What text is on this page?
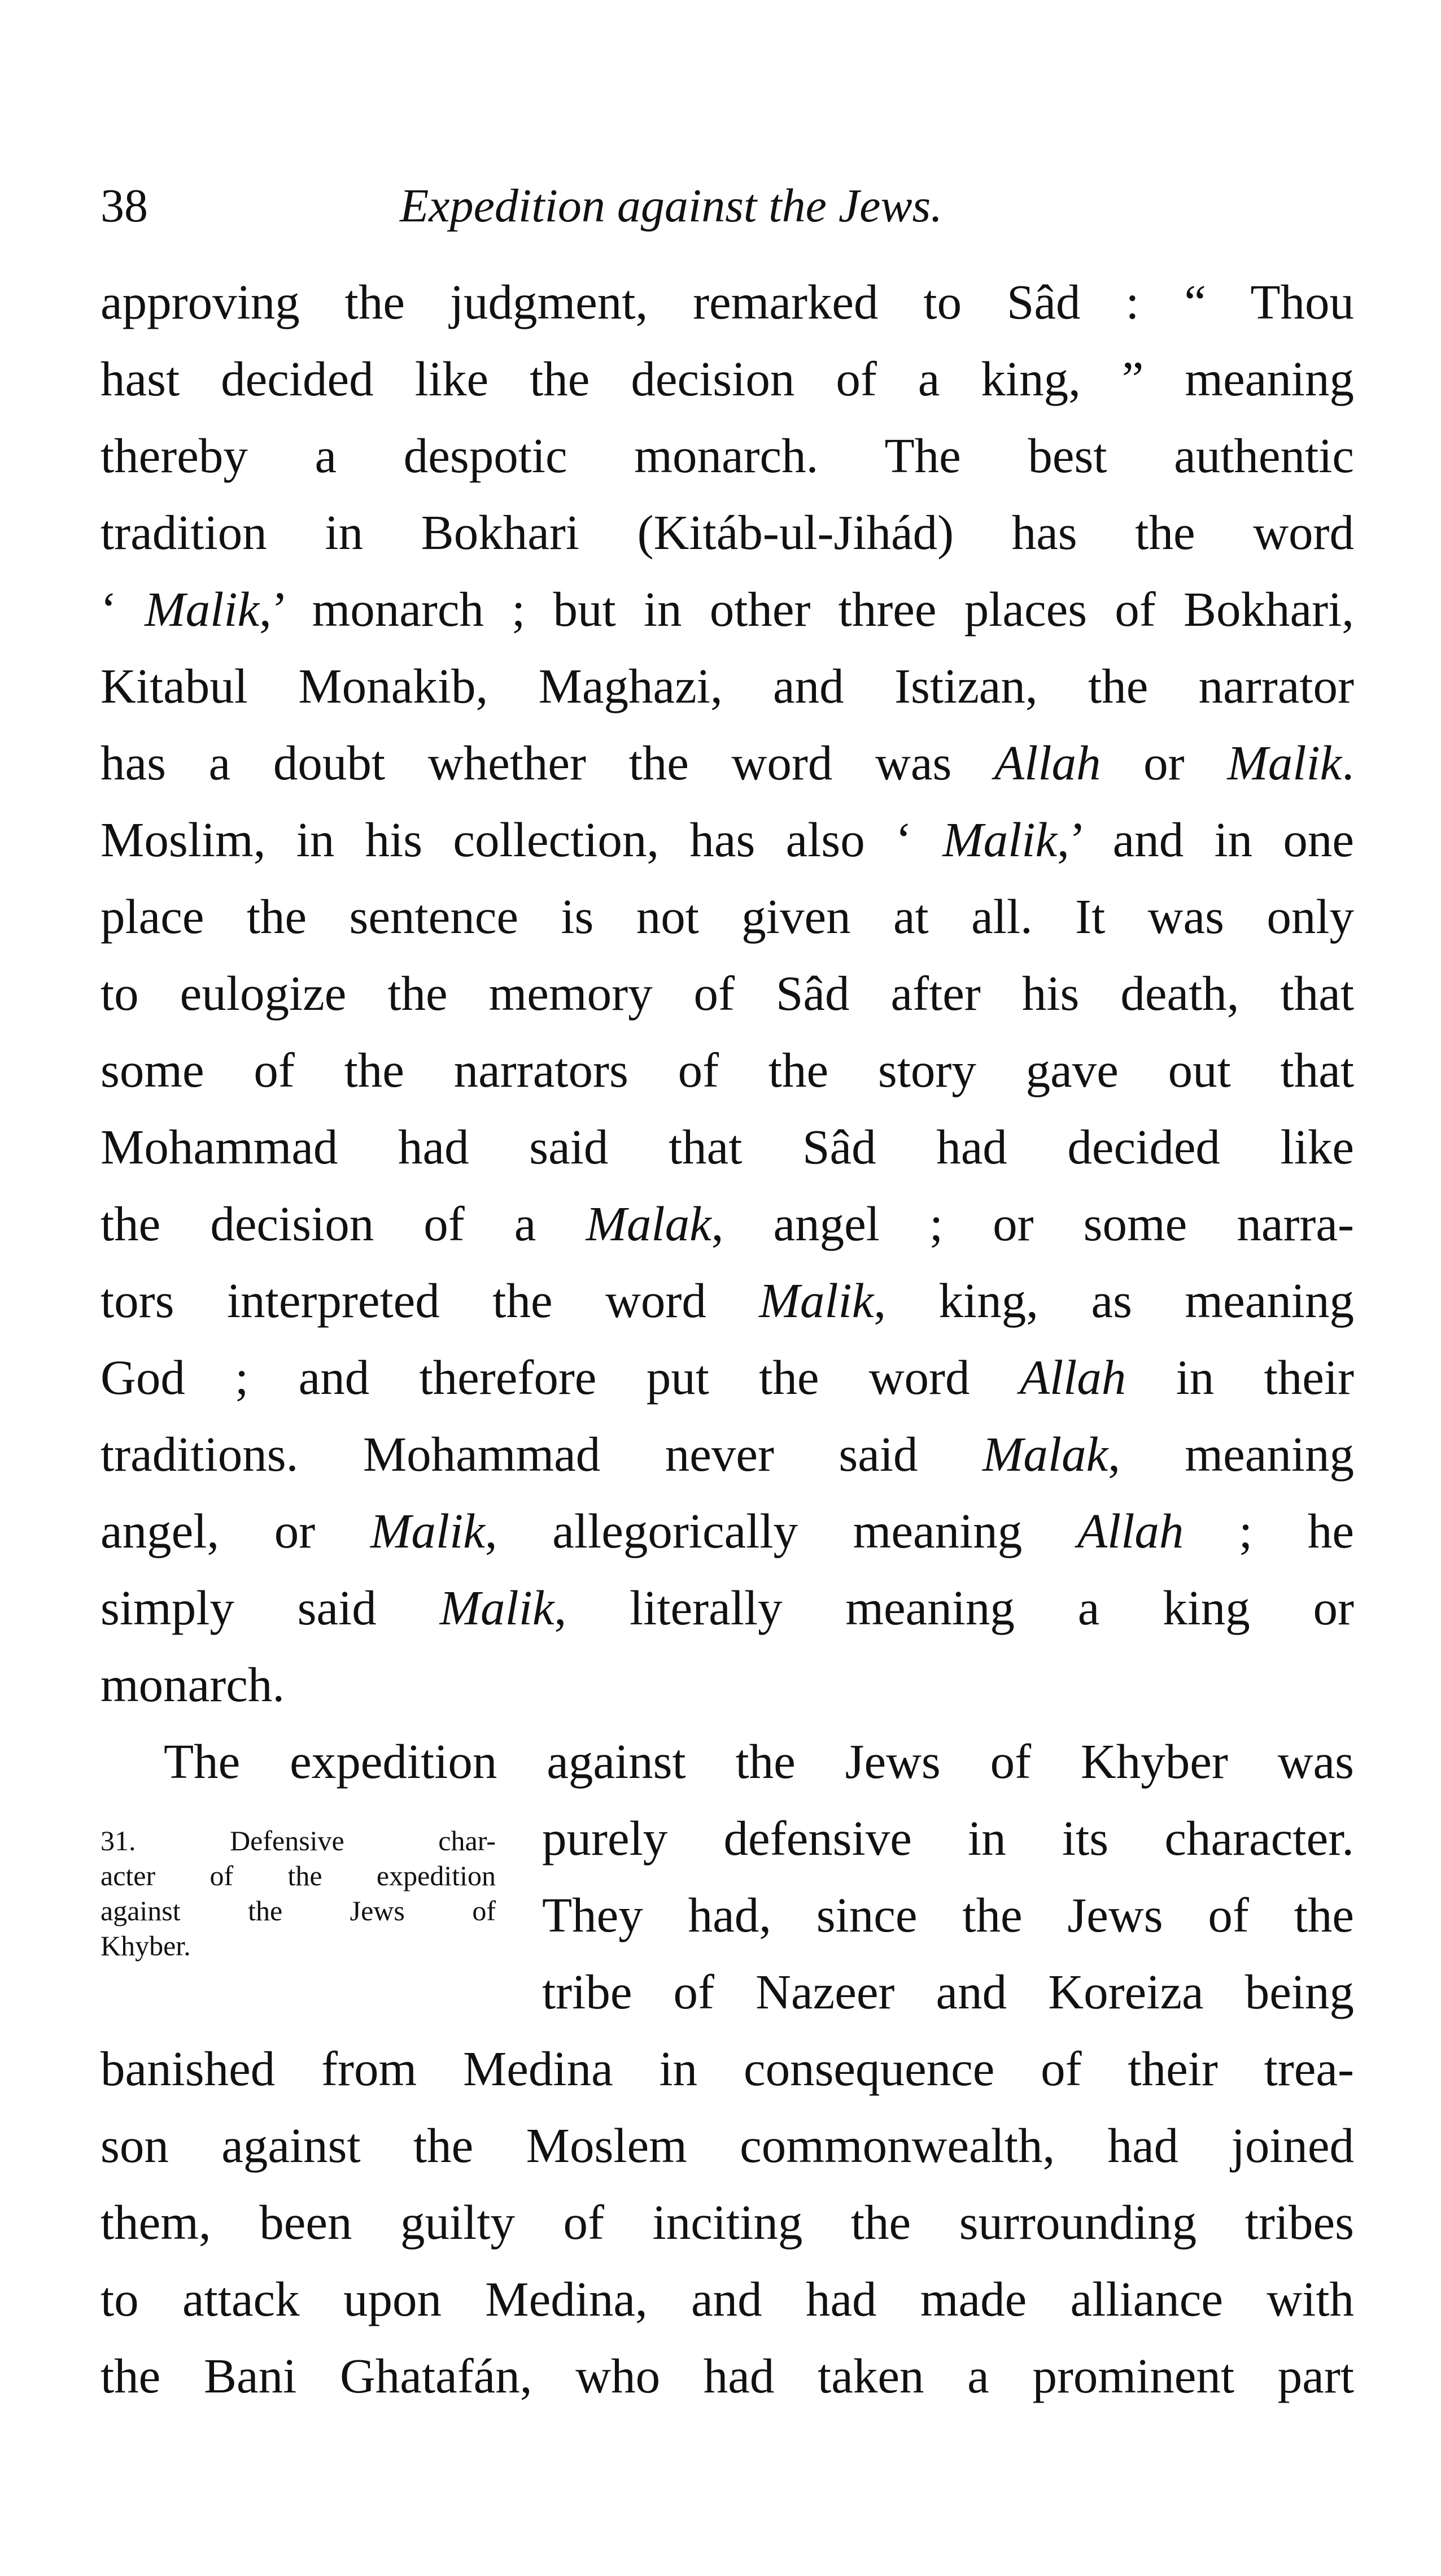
38	Expedition against the Jews.
approving the judgment, remarked to Sâd : “ Thou
hast decided like the decision of a king, ” meaning
thereby a despotic monarch. The best authentic
tradition in Bokhari (Kitáb-ul-Jihád) has the word
‘ Malik,’ monarch ; but in other three places of Bokhari,
Kitabul Monakib, Maghazi, and Istizan, the narrator
has a doubt whether the word was Allah or Malik.
Moslim, in his collection, has also ‘ Malik,’ and in one
place the sentence is not given at all. It was only
to eulogize the memory of Sâd after his death, that
some of the narrators of the story gave out that
Mohammad had said that Sâd had decided like
the decision of a Malak, angel ; or some narra-
tors interpreted the word Malik, king, as meaning
God ; and therefore put the word Allah in their
traditions. Mohammad never said Malak, meaning
angel, or Malik, allegorically meaning Allah ; he
simply said Malik, literally meaning a king or
monarch.
The expedition against the Jews of Khyber was
31. Defensive char-
acter of the expedition
against the Jews of
Khyber.
purely defensive in its character.
They had, since the Jews of the
tribe of Nazeer and Koreiza being
banished from Medina in consequence of their trea-
son against the Moslem commonwealth, had joined
them, been guilty of inciting the surrounding tribes
to attack upon Medina, and had made alliance with
the Bani Ghatafán, who had taken a prominent part
